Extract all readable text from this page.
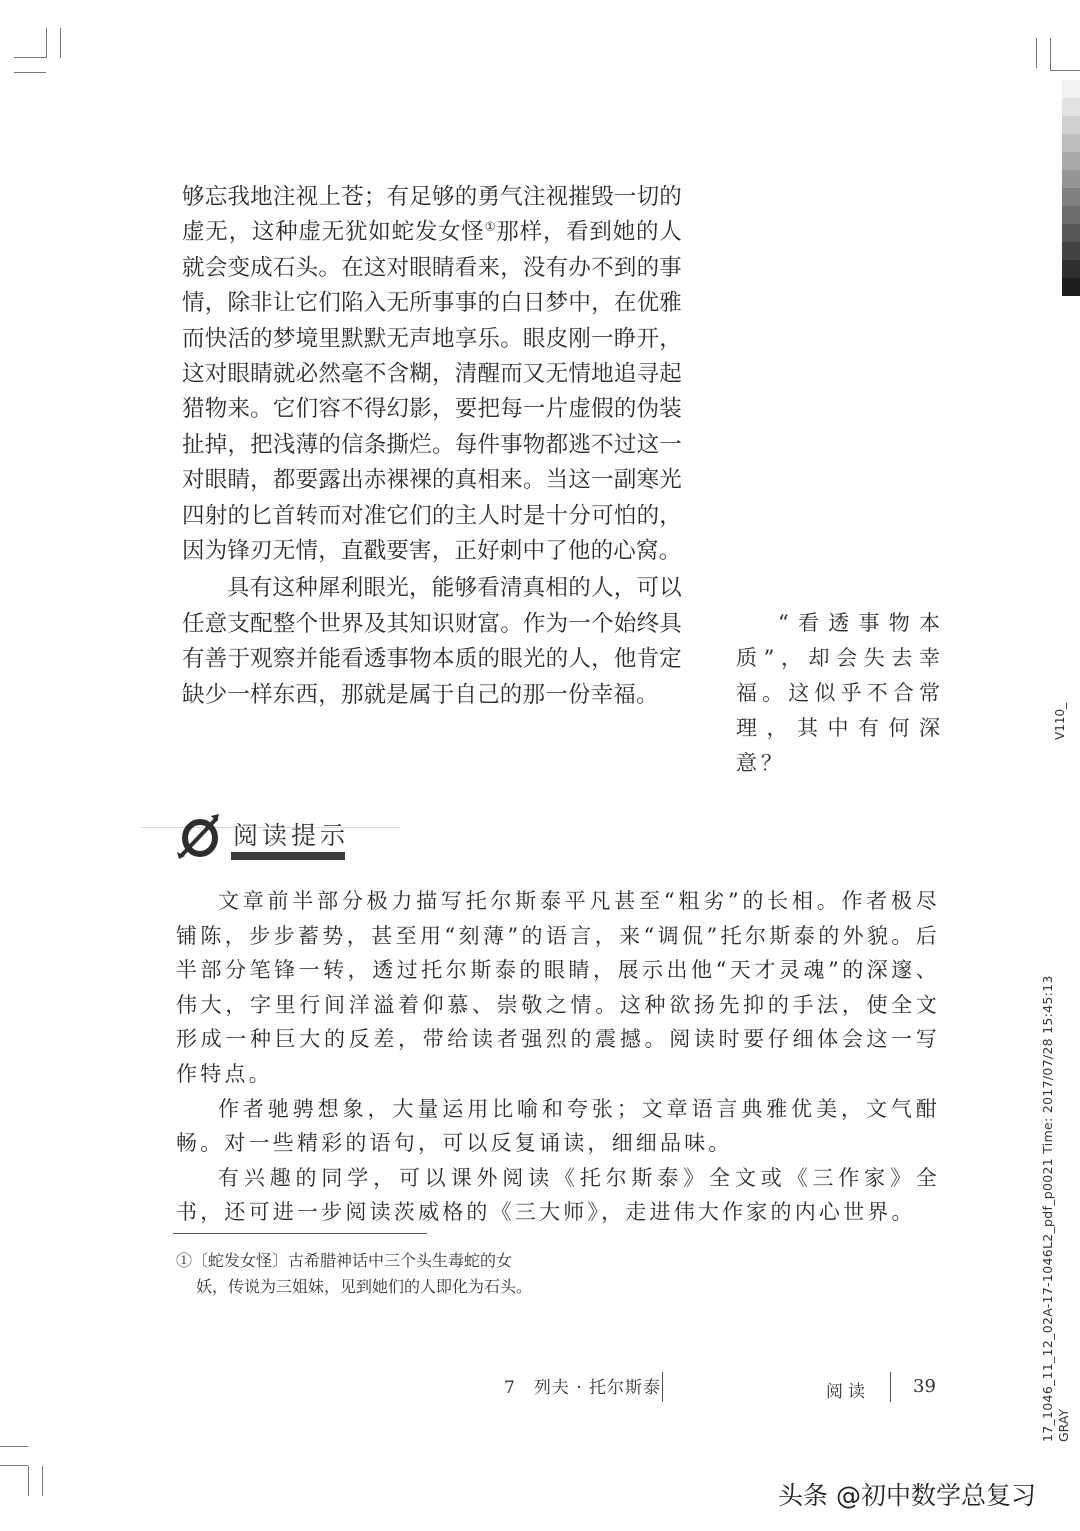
够忘我地注视上苍；有足够的勇气注视摧毁一切的虚无，这种虚无犹如蛇发女怪①那样，看到她的人就会变成石头。在这对眼睛看来，没有办不到的事情，除非让它们陷入无所事事的白日梦中，在优雅而快活的梦境里默默无声地享乐。眼皮刚一睁开，这对眼睛就必然毫不含糊，清醒而又无情地追寻起猎物来。它们容不得幻影，要把每一片虚假的伪装扯掉，把浅薄的信条撕烂。每件事物都逃不过这一对眼睛，都要露出赤裸裸的真相来。当这一副寒光四射的匕首转而对准它们的主人时是十分可怕的，因为锋刃无情，直戳要害，正好刺中了他的心窝。

具有这种犀利眼光，能够看清真相的人，可以任意支配整个世界及其知识财富。作为一个始终具有善于观察并能看透事物本质的眼光的人，他肯定缺少一样东西，那就是属于自己的那一份幸福。

“看透事物本质”，却会失去幸福。这似乎不合常理，其中有何深意？
阅读提示

文章前半部分极力描写托尔斯泰平凡甚至“粗劣”的长相。作者极尽铺陈，步步蓄势，甚至用“刻薄”的语言，来“调侃”托尔斯泰的外貌。后半部分笔锋一转，透过托尔斯泰的眼睛，展示出他“天才灵魂”的深邃、伟大，字里行间洋溢着仰慕、崇敬之情。这种欲扬先抑的手法，使全文形成一种巨大的反差，带给读者强烈的震撼。阅读时要仔细体会这一写作特点。

作者驰骋想象，大量运用比喻和夸张；文章语言典雅优美，文气酣畅。对一些精彩的语句，可以反复诵读，细细品味。

有兴趣的同学，可以课外阅读《托尔斯泰》全文或《三作家》全书，还可进一步阅读茨威格的《三大师》，走进伟大作家的内心世界。

①〔蛇发女怪〕古希腊神话中三个头生毒蛇的女
妖，传说为三姐妹，见到她们的人即化为石头。
7　列夫 · 托尔斯泰	阅读 39
V110_
17_1046_11_12_02A-17-1046L2_pdf_p0021 Time: 2017/07/28 15:45:13 GRAY
头条 @初中数学总复习
